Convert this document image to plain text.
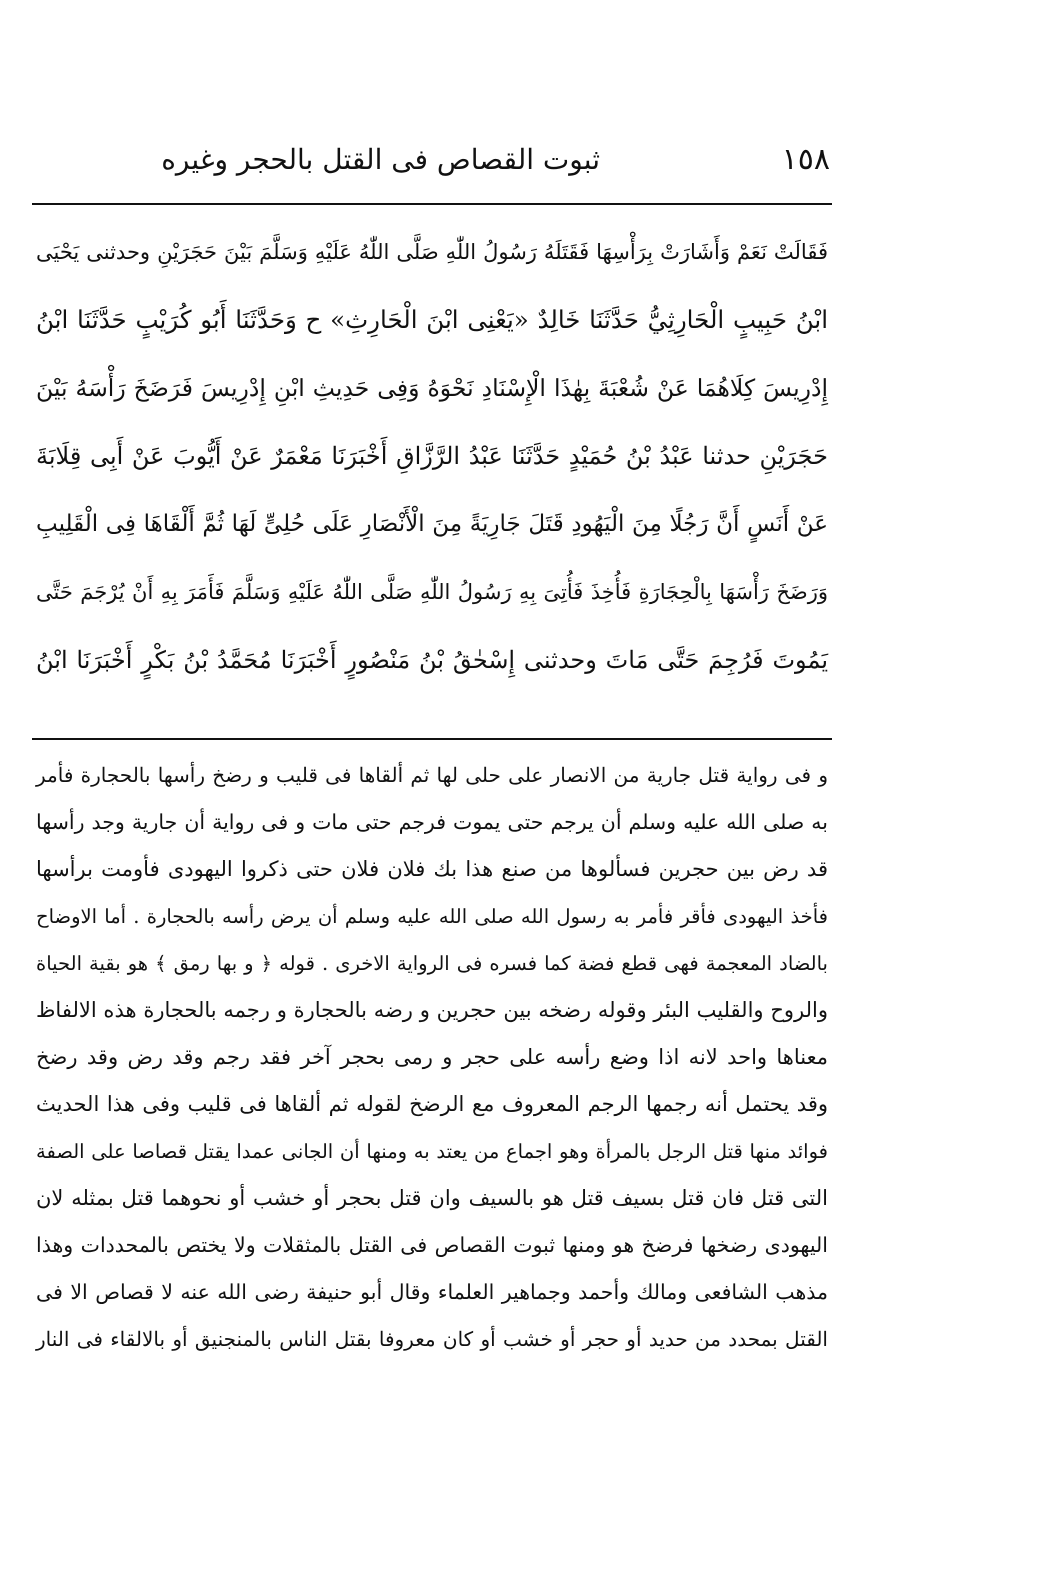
١٥٨
ثبوت القصاص فى القتل بالحجر وغيره
فَقَالَتْ نَعَمْ وَأَشَارَتْ بِرَأْسِهَا فَقَتَلَهُ رَسُولُ اللّٰهِ صَلَّى اللّٰهُ عَلَيْهِ وَسَلَّمَ بَيْنَ حَجَرَيْنِ وحدثنى يَحْيَى
ابْنُ حَبِيبٍ الْحَارِثِيُّ حَدَّثَنَا خَالِدٌ «يَعْنِى ابْنَ الْحَارِثِ» ح وَحَدَّثَنَا أَبُو كُرَيْبٍ حَدَّثَنَا ابْنُ
إِدْرِيسَ كِلَاهُمَا عَنْ شُعْبَةَ بِهٰذَا الْإِسْنَادِ نَحْوَهُ وَفِى حَدِيثِ ابْنِ إِدْرِيسَ فَرَضَخَ رَأْسَهُ بَيْنَ
حَجَرَيْنِ حدثنا عَبْدُ بْنُ حُمَيْدٍ حَدَّثَنَا عَبْدُ الرَّزَّاقِ أَخْبَرَنَا مَعْمَرٌ عَنْ أَيُّوبَ عَنْ أَبِى قِلَابَةَ
عَنْ أَنَسٍ أَنَّ رَجُلًا مِنَ الْيَهُودِ قَتَلَ جَارِيَةً مِنَ الْأَنْصَارِ عَلَى حُلِىٍّ لَهَا ثُمَّ أَلْقَاهَا فِى الْقَلِيبِ
وَرَضَخَ رَأْسَهَا بِالْحِجَارَةِ فَأُخِذَ فَأُتِىَ بِهِ رَسُولُ اللّٰهِ صَلَّى اللّٰهُ عَلَيْهِ وَسَلَّمَ فَأَمَرَ بِهِ أَنْ يُرْجَمَ حَتَّى
يَمُوتَ فَرُجِمَ حَتَّى مَاتَ وحدثنى إِسْحٰقُ بْنُ مَنْصُورٍ أَخْبَرَنَا مُحَمَّدُ بْنُ بَكْرٍ أَخْبَرَنَا ابْنُ
و فى رواية قتل جارية من الانصار على حلى لها ثم ألقاها فى قليب و رضخ رأسها بالحجارة فأمر
به صلى الله عليه وسلم أن يرجم حتى يموت فرجم حتى مات و فى رواية أن جارية وجد رأسها
قد رض بين حجرين فسألوها من صنع هذا بك فلان فلان حتى ذكروا اليهودى فأومت برأسها
فأخذ اليهودى فأقر فأمر به رسول الله صلى الله عليه وسلم أن يرض رأسه بالحجارة . أما الاوضاح
بالضاد المعجمة فهى قطع فضة كما فسره فى الرواية الاخرى . قوله ﴿ و بها رمق ﴾ هو بقية الحياة
والروح والقليب البئر وقوله رضخه بين حجرين و رضه بالحجارة و رجمه بالحجارة هذه الالفاظ
معناها واحد لانه اذا وضع رأسه على حجر و رمى بحجر آخر فقد رجم وقد رض وقد رضخ
وقد يحتمل أنه رجمها الرجم المعروف مع الرضخ لقوله ثم ألقاها فى قليب وفى هذا الحديث
فوائد منها قتل الرجل بالمرأة وهو اجماع من يعتد به ومنها أن الجانى عمدا يقتل قصاصا على الصفة
التى قتل فان قتل بسيف قتل هو بالسيف وان قتل بحجر أو خشب أو نحوهما قتل بمثله لان
اليهودى رضخها فرضخ هو ومنها ثبوت القصاص فى القتل بالمثقلات ولا يختص بالمحددات وهذا
مذهب الشافعى ومالك وأحمد وجماهير العلماء وقال أبو حنيفة رضى الله عنه لا قصاص الا فى
القتل بمحدد من حديد أو حجر أو خشب أو كان معروفا بقتل الناس بالمنجنيق أو بالالقاء فى النار
